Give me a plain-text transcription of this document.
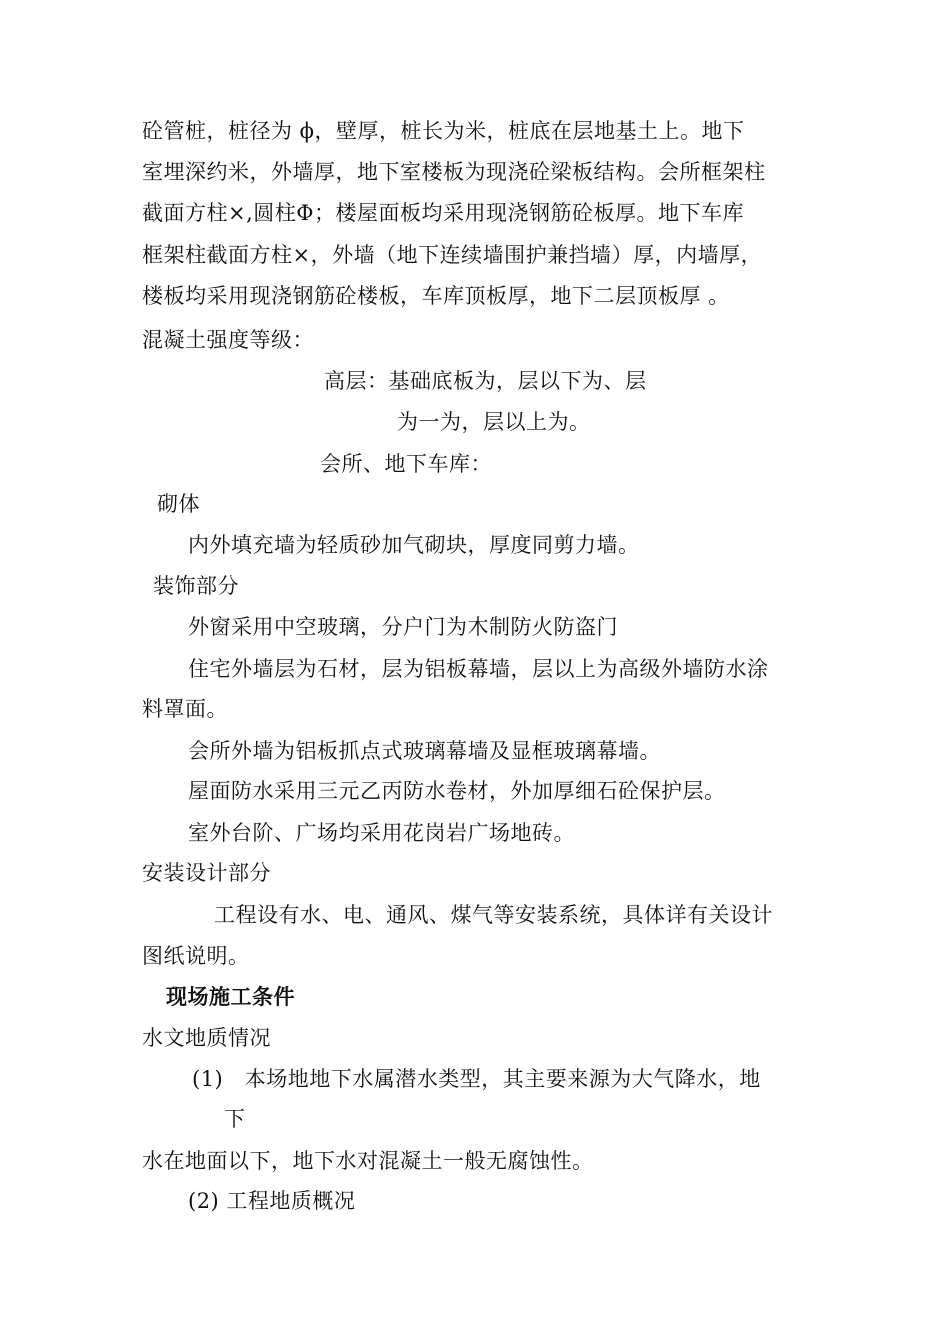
砼管桩，桩径为 ϕ，壁厚，桩长为米，桩底在层地基土上。地下
室埋深约米，外墙厚，地下室楼板为现浇砼梁板结构。会所框架柱
截面方柱×,圆柱Φ；楼屋面板均采用现浇钢筋砼板厚。地下车库
框架柱截面方柱×，外墙（地下连续墙围护兼挡墙）厚，内墙厚，
楼板均采用现浇钢筋砼楼板，车库顶板厚，地下二层顶板厚 。
混凝土强度等级：
高层：基础底板为，层以下为、层
为一为，层以上为。
会所、地下车库：
砌体
内外填充墙为轻质砂加气砌块，厚度同剪力墙。
装饰部分
外窗采用中空玻璃，分户门为木制防火防盗门
住宅外墙层为石材，层为铝板幕墙，层以上为高级外墙防水涂
料罩面。
会所外墙为铝板抓点式玻璃幕墙及显框玻璃幕墙。
屋面防水采用三元乙丙防水卷材，外加厚细石砼保护层。
室外台阶、广场均采用花岗岩广场地砖。
安装设计部分
工程设有水、电、通风、煤气等安装系统，具体详有关设计
图纸说明。
现场施工条件
水文地质情况
(1)　本场地地下水属潜水类型，其主要来源为大气降水，地
下
水在地面以下，地下水对混凝土一般无腐蚀性。
(2) 工程地质概况
